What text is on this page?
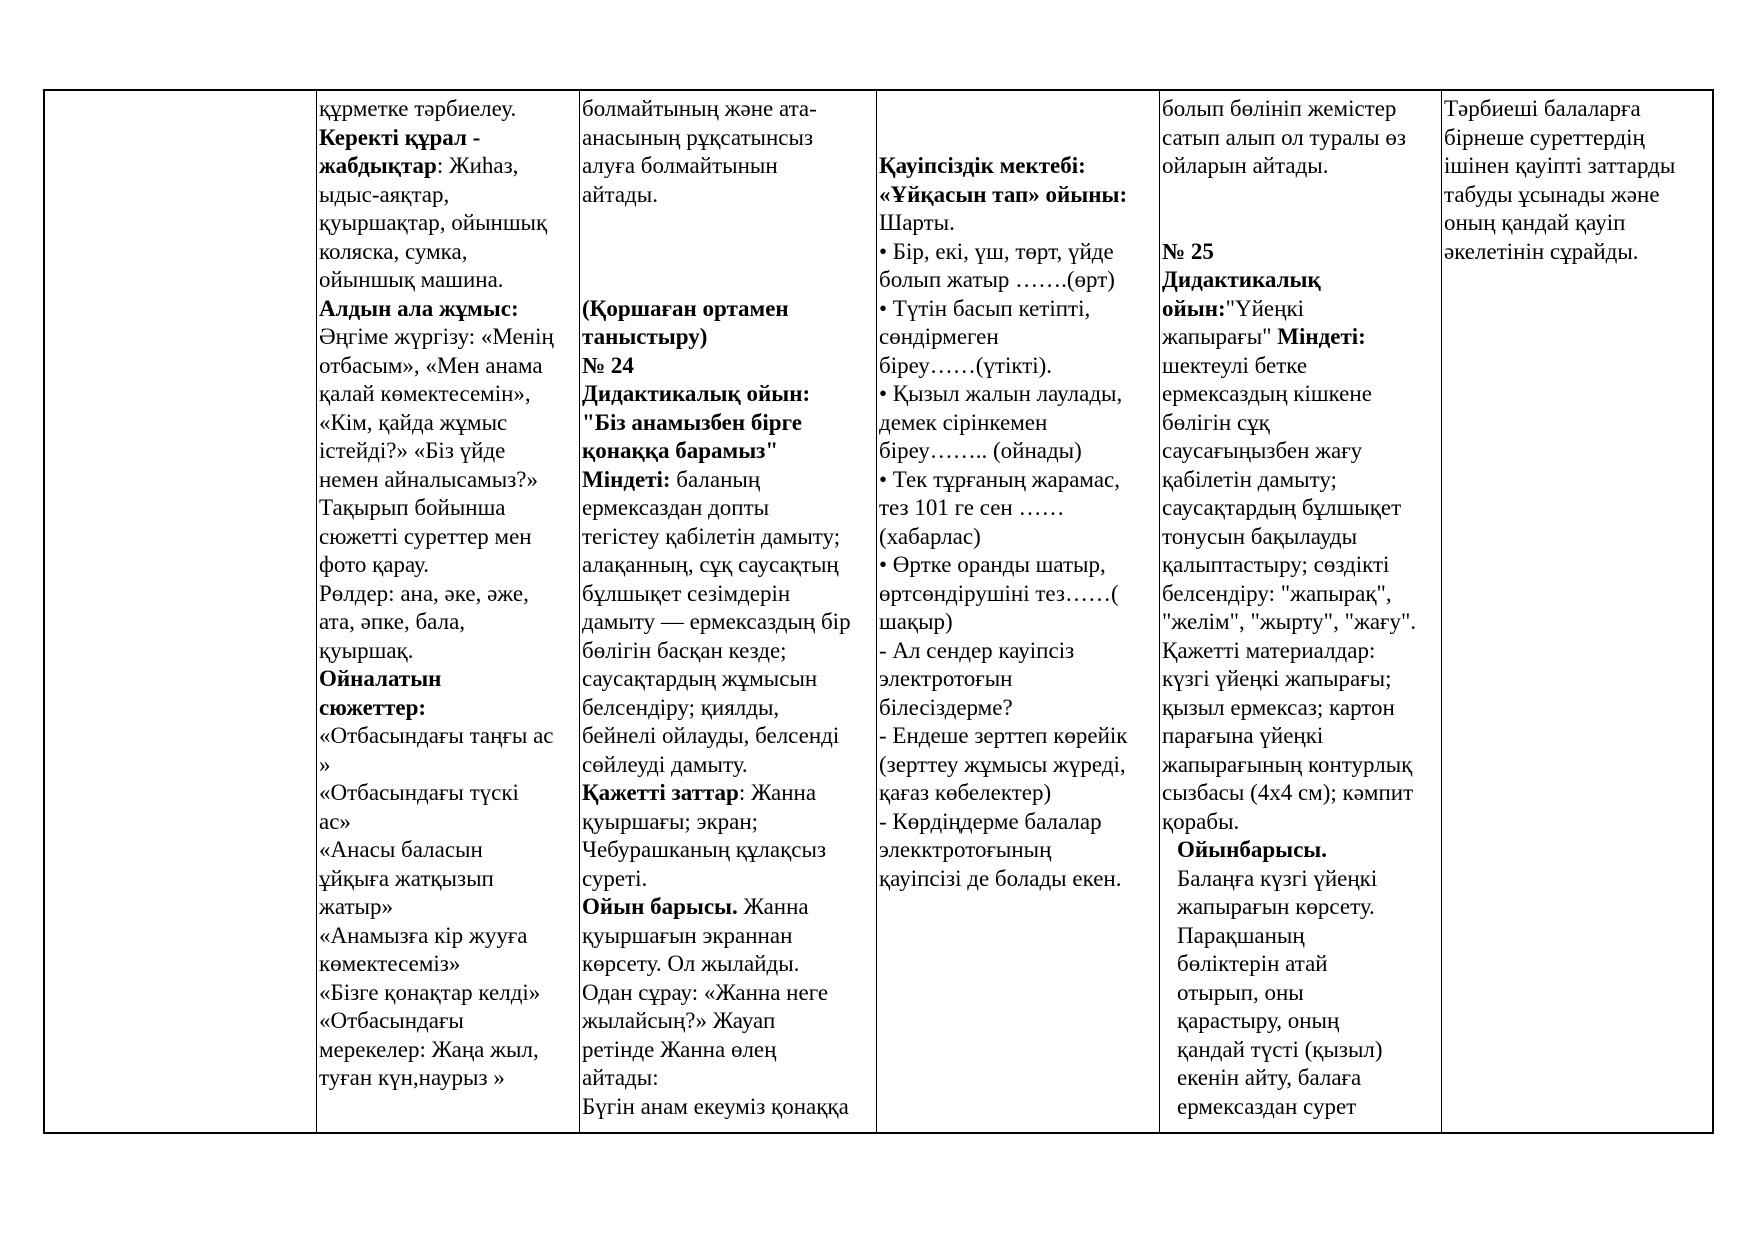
құрметке тәрбиелеу.

Керекті құрал -

жабдықтар: Жиһаз,

ыдыс-аяқтар,

қуыршақтар, ойыншық

коляска, сумка,

ойыншық машина.

Алдын ала жұмыс:

Әңгіме жүргізу: «Менің

отбасым», «Мен анама

қалай көмектесемін»,

«Кім, қайда жұмыс

істейді?» «Біз үйде

немен айналысамыз?»

Тақырып бойынша

сюжетті суреттер мен

фото қарау.

Рөлдер: ана, әке, әже,

ата, әпке, бала,

қуыршақ.

Ойналатын

сюжеттер:

«Отбасындағы таңғы ас

»

«Отбасындағы түскі

ас»

«Анасы баласын

ұйқыға жатқызып

жатыр»

«Анамызға кір жууға

көмектесеміз»

«Бізге қонақтар келді»

«Отбасындағы

мерекелер: Жаңа жыл,

туған күн,наурыз »

болмайтының және ата-

анасының рұқсатынсыз

алуға болмайтынын

айтады.

(Қоршаған ортамен

таныстыру)

№ 24

Дидактикалық ойын:

"Біз анамызбен бірге

қонаққа барамыз"

Міндеті: баланың

ермексаздан допты

тегістеу қабілетін дамыту;

алақанның, сұқ саусақтың

бұлшықет сезімдерін

дамыту — ермексаздың бір

бөлігін басқан кезде;

саусақтардың жұмысын

белсендіру; қиялды,

бейнелі ойлауды, белсенді

сөйлеуді дамыту.

Қажетті заттар: Жанна

қуыршағы; экран;

Чебурашканың құлақсыз

суреті.

Ойын барысы. Жанна

қуыршағын экраннан

көрсету. Ол жылайды.

Одан сұрау: «Жанна неге

жылайсың?» Жауап

ретінде Жанна өлең

айтады:

Бүгін анам екеуміз қонаққа

Қауіпсіздік мектебі:

«Ұйқасын тап» ойыны:

Шарты.

• Бір, екі, үш, төрт, үйде

болып жатыр …….(өрт)

• Түтін басып кетіпті,

сөндірмеген

біреу……(үтікті).

• Қызыл жалын лаулады,

демек сірінкемен

біреу…….. (ойнады)

• Тек тұрғаның жарамас,

тез 101 ге сен ……

(хабарлас)

• Өртке оранды шатыр,

өртсөндірушіні тез……(

шақыр)

- Ал сендер кауіпсіз

электротоғын

білесіздерме?

- Ендеше зерттеп көрейік

(зерттеу жұмысы жүреді,

қағаз көбелектер)

- Көрдіңдерме балалар

элекктротоғының

қауіпсізі де болады екен.

болып бөлініп жемістер

сатып алып ол туралы өз

ойларын айтады.

№ 25

Дидактикалық

ойын:"Үйеңкі

жапырағы" Міндеті:

шектеулі бетке

ермексаздың кішкене

бөлігін сұқ

саусағыңызбен жағу

қабілетін дамыту;

саусақтардың бұлшықет

тонусын бақылауды

қалыптастыру; сөздікті

белсендіру: "жапырақ",

"желім", "жырту", "жағу".

Қажетті материалдар:

күзгі үйеңкі жапырағы;

қызыл ермексаз; картон

парағына үйеңкі

жапырағының контурлық

сызбасы (4х4 см); кәмпит

қорабы.

Ойынбарысы.

Балаңға күзгі үйеңкі

жапырағын көрсету.

Парақшаның

бөліктерін атай

отырып, оны

қарастыру, оның

қандай түсті (қызыл)

екенін айту, балаға

ермексаздан сурет

Тәрбиеші балаларға

бірнеше суреттердің

ішінен қауіпті заттарды

табуды ұсынады және

оның қандай қауіп

әкелетінін сұрайды.
